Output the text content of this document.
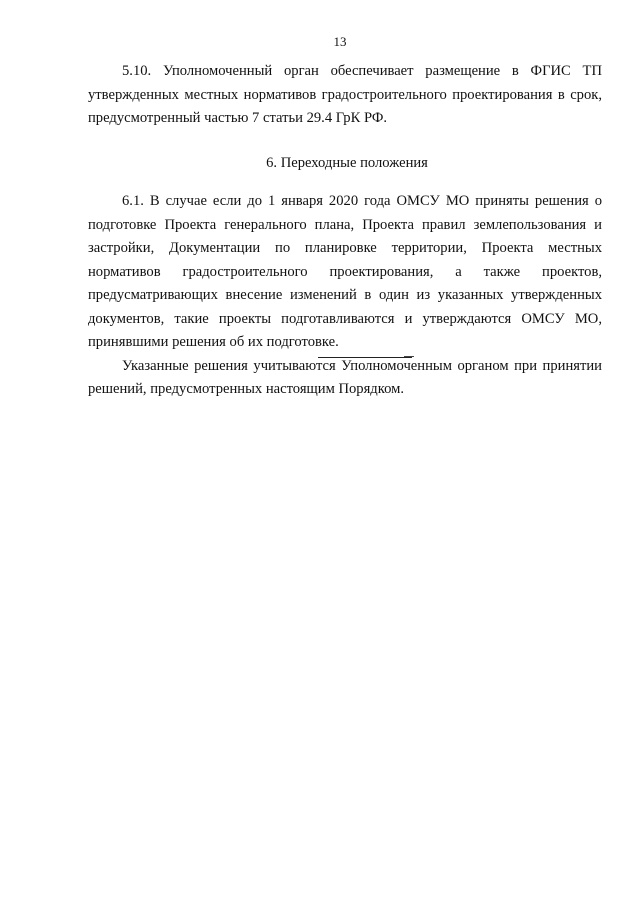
13

5.10. Уполномоченный орган обеспечивает размещение в ФГИС ТП утвержденных местных нормативов градостроительного проектирования в срок, предусмотренный частью 7 статьи 29.4 ГрК РФ.

6. Переходные положения

6.1. В случае если до 1 января 2020 года ОМСУ МО приняты решения о подготовке Проекта генерального плана, Проекта правил землепользования и застройки, Документации по планировке территории, Проекта местных нормативов градостроительного проектирования, а также проектов, предусматривающих внесение изменений в один из указанных утвержденных документов, такие проекты подготавливаются и утверждаются ОМСУ МО, принявшими решения об их подготовке.

Указанные решения учитываются Уполномоченным органом при принятии решений, предусмотренных настоящим Порядком.
